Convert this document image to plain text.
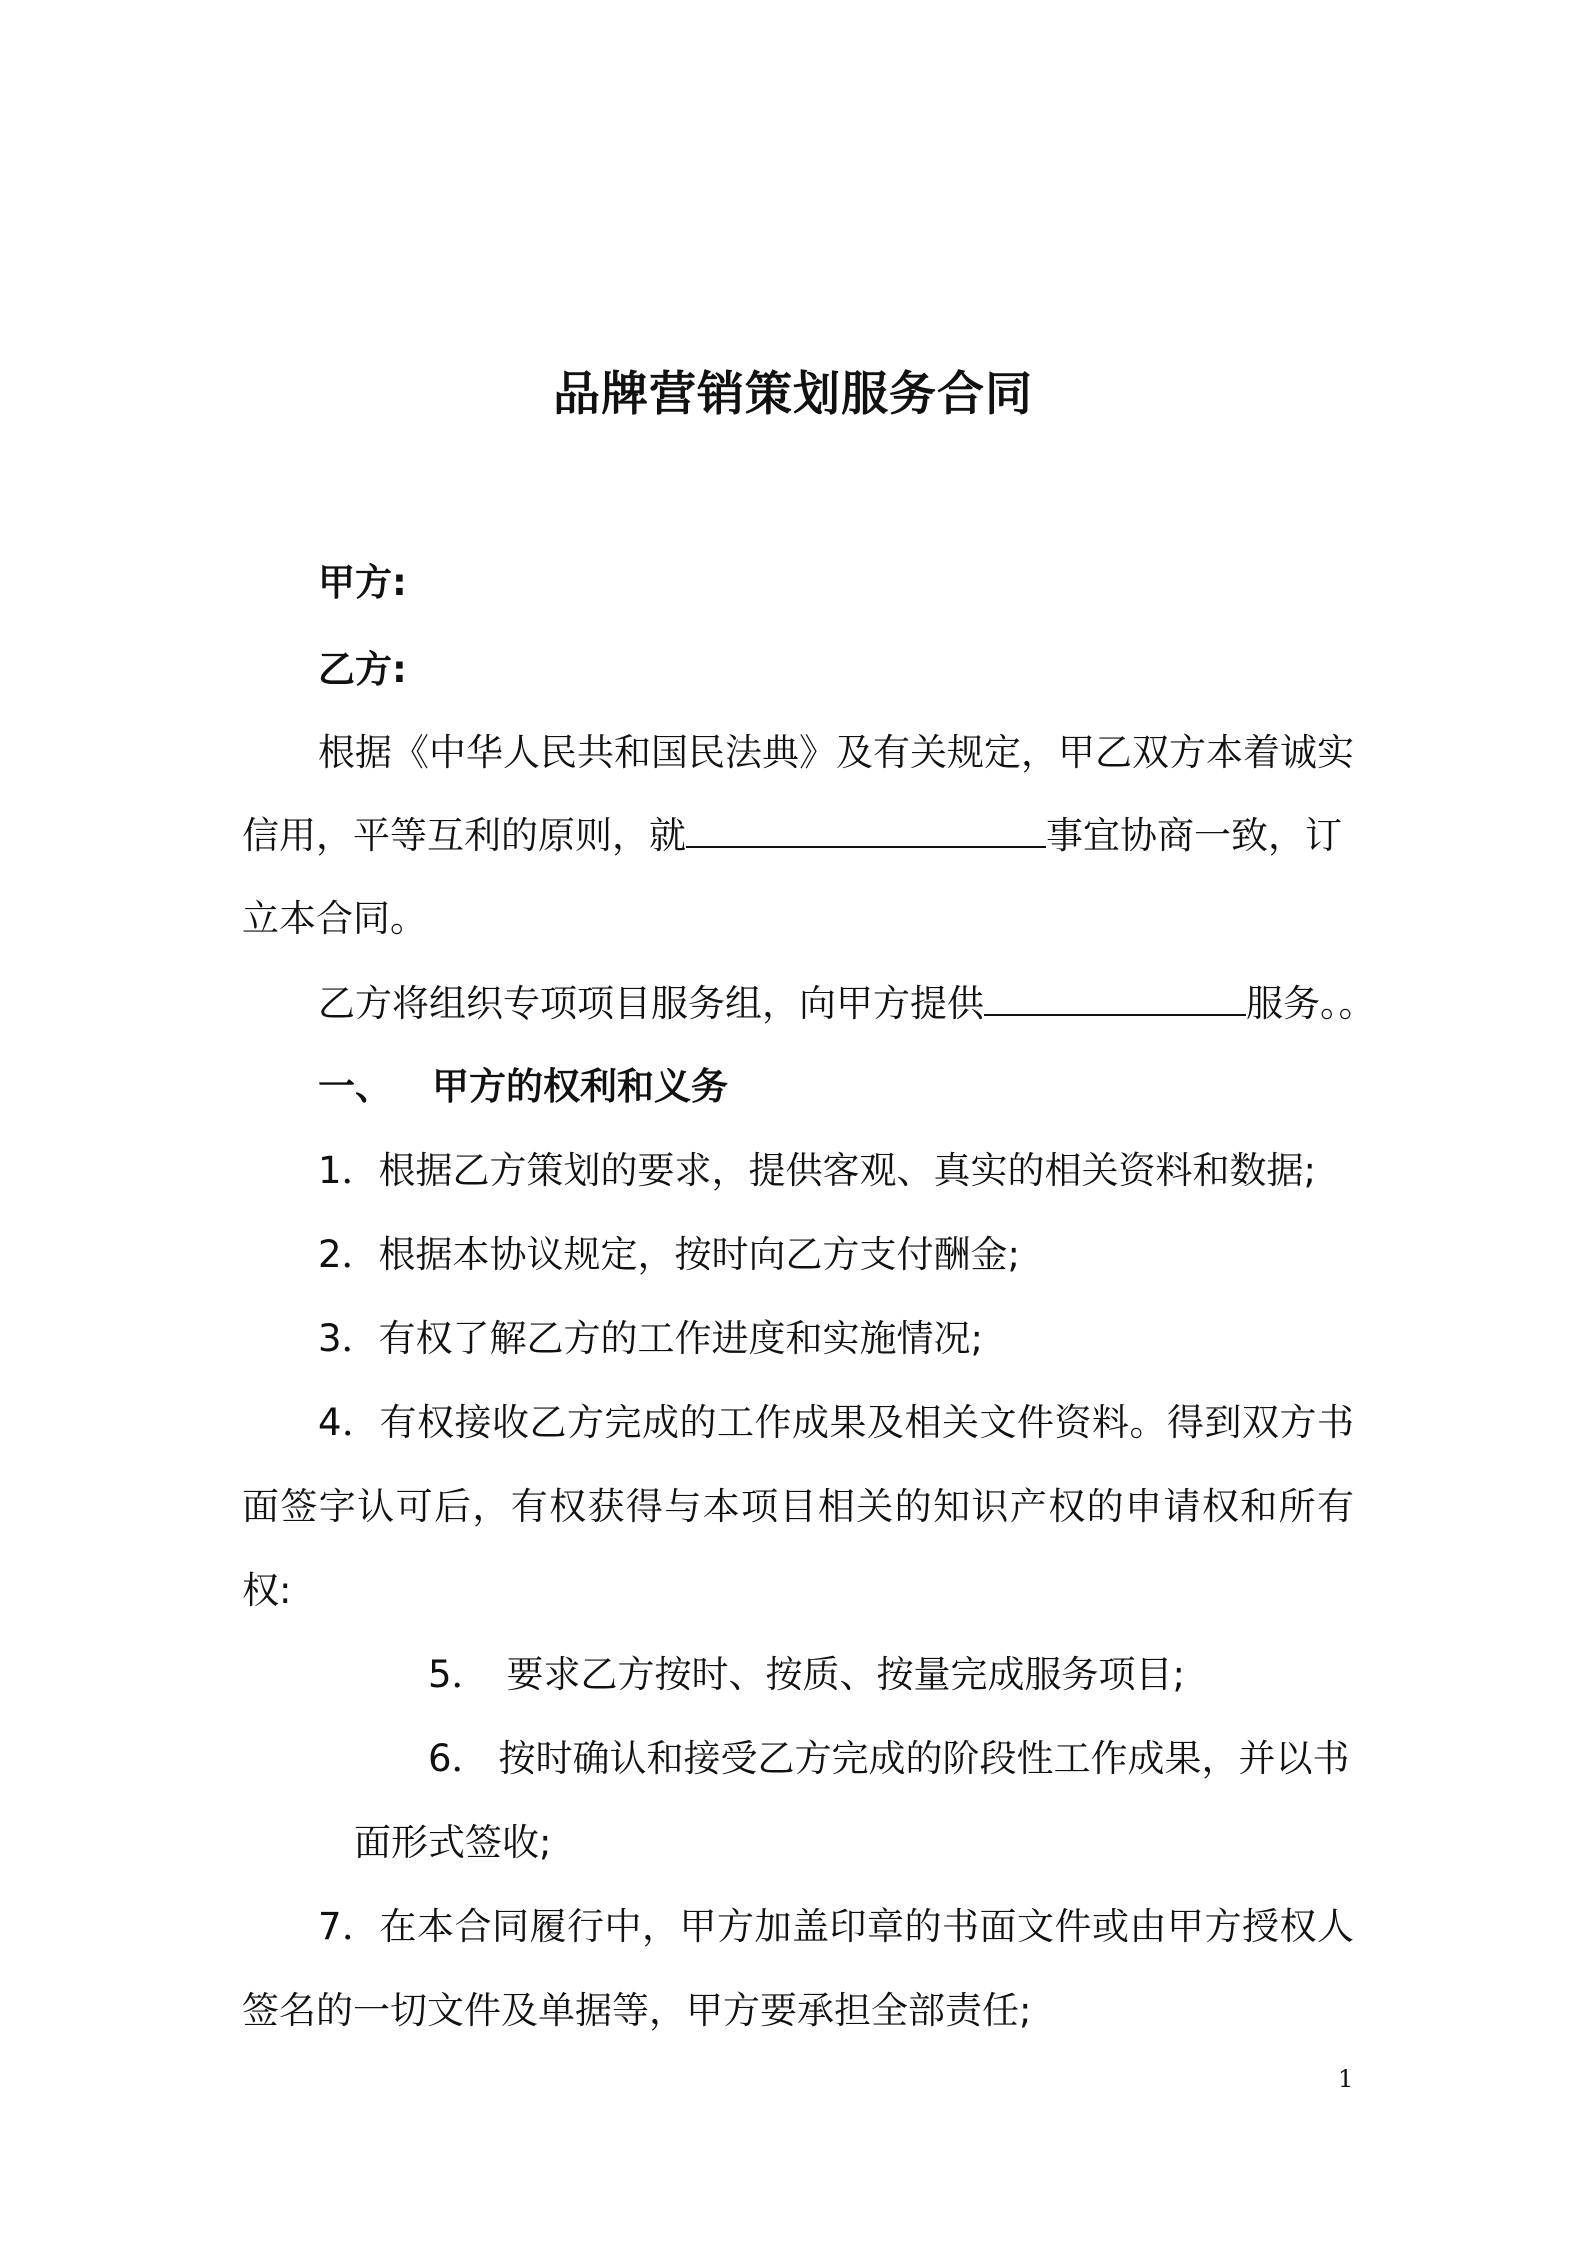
品牌营销策划服务合同
甲方:
乙方:
根据《中华人民共和国民法典》及有关规定，甲乙双方本着诚实
信用，平等互利的原则，就	事宜协商一致，订
立本合同。
乙方将组织专项项目服务组，向甲方提供	服务。。
一、 甲方的权利和义务
1．根据乙方策划的要求，提供客观、真实的相关资料和数据;
2．根据本协议规定，按时向乙方支付酬金;
3．有权了解乙方的工作进度和实施情况;
4．有权接收乙方完成的工作成果及相关文件资料。得到双方书
面签字认可后，有权获得与本项目相关的知识产权的申请权和所有
权:
5． 要求乙方按时、按质、按量完成服务项目;
6． 按时确认和接受乙方完成的阶段性工作成果，并以书
面形式签收;
7．在本合同履行中，甲方加盖印章的书面文件或由甲方授权人
签名的一切文件及单据等，甲方要承担全部责任;
1
